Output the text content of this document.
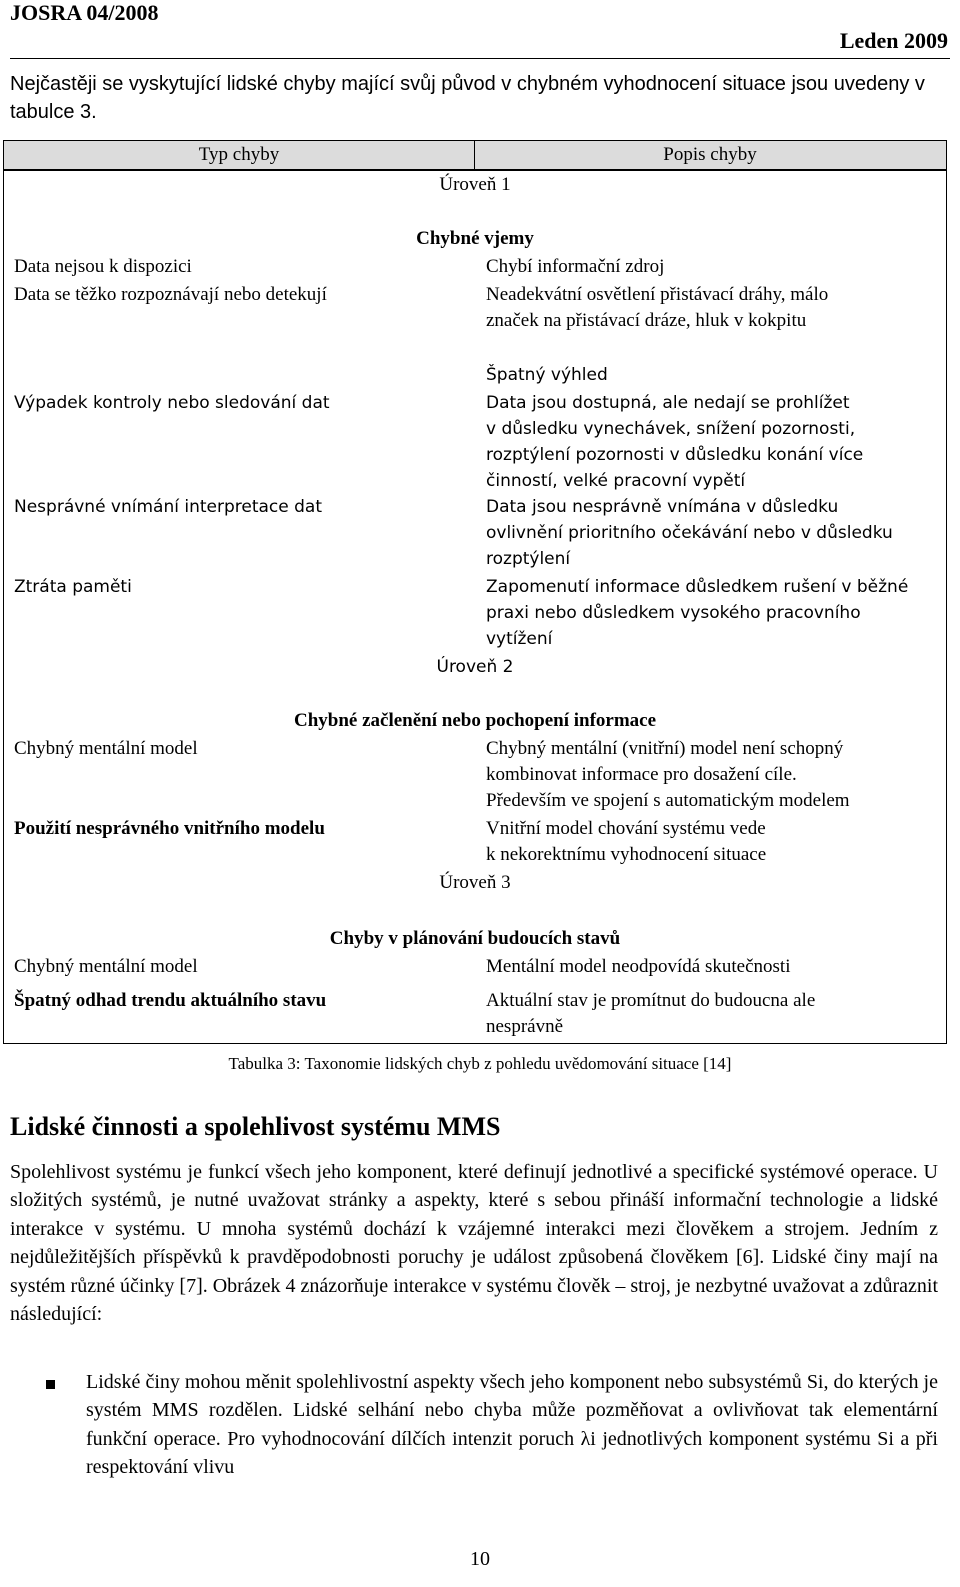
JOSRA 04/2008
Leden 2009
Nejčastěji se vyskytující lidské chyby mající svůj původ v chybném vyhodnocení situace jsou uvedeny v tabulce 3.
Typ chyby	Popis chyby
Úroveň 1
Chybné vjemy
Data nejsou k dispozici	Chybí informační zdroj
Data se těžko rozpoznávají nebo detekují	Neadekvátní osvětlení přistávací dráhy, málo
značek na přistávací dráze, hluk v kokpitu
Špatný výhled
Výpadek kontroly nebo sledování dat	Data jsou dostupná, ale nedají se prohlížet
v důsledku vynechávek, snížení pozornosti,
rozptýlení pozornosti v důsledku konání více
činností, velké pracovní vypětí
Nesprávné vnímání interpretace dat	Data jsou nesprávně vnímána v důsledku
ovlivnění prioritního očekávání nebo v důsledku
rozptýlení
Ztráta paměti	Zapomenutí informace důsledkem rušení v běžné
praxi nebo důsledkem vysokého pracovního
vytížení
Úroveň 2
Chybné začlenění nebo pochopení informace
Chybný mentální model	Chybný mentální (vnitřní) model není schopný
kombinovat informace pro dosažení cíle.
Především ve spojení s automatickým modelem
Použití nesprávného vnitřního modelu	Vnitřní model chování systému vede
k nekorektnímu vyhodnocení situace
Úroveň 3
Chyby v plánování budoucích stavů
Chybný mentální model	Mentální model neodpovídá skutečnosti
Špatný odhad trendu aktuálního stavu	Aktuální stav je promítnut do budoucna ale
nesprávně
Tabulka 3: Taxonomie lidských chyb z pohledu uvědomování situace [14]
Lidské činnosti a spolehlivost systému MMS
Spolehlivost systému je funkcí všech jeho komponent, které definují jednotlivé a specifické systémové operace. U složitých systémů, je nutné uvažovat stránky a aspekty, které s sebou přináší informační technologie a lidské interakce v systému. U mnoha systémů dochází k vzájemné interakci mezi člověkem a strojem. Jedním z nejdůležitějších příspěvků k pravděpodobnosti poruchy je událost způsobená člověkem [6]. Lidské činy mají na systém různé účinky [7]. Obrázek 4 znázorňuje interakce v systému člověk – stroj, je nezbytné uvažovat a zdůraznit následující:
Lidské činy mohou měnit spolehlivostní aspekty všech jeho komponent nebo subsystémů Si, do kterých je systém MMS rozdělen. Lidské selhání nebo chyba může pozměňovat a ovlivňovat tak elementární funkční operace. Pro vyhodnocování dílčích intenzit poruch λi jednotlivých komponent systému Si a při respektování vlivu
10
